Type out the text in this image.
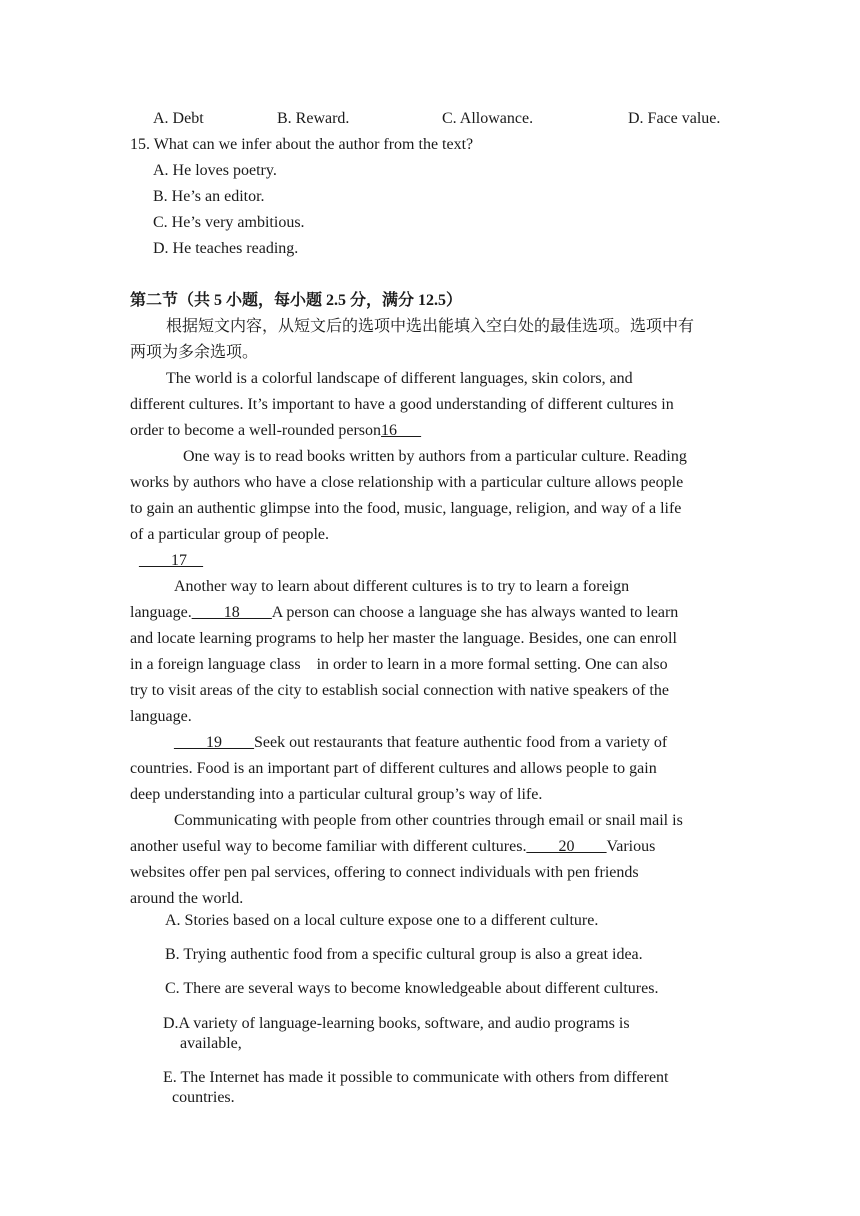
A. Debt	B. Reward.	C. Allowance.	D. Face value.
15. What can we infer about the author from the text?
A. He loves poetry.
B. He’s an editor.
C. He’s very ambitious.
D. He teaches reading.
第二节（共 5 小题，每小题 2.5 分，满分 12.5）
根据短文内容，从短文后的选项中选出能填入空白处的最佳选项。选项中有
两项为多余选项。
The world is a colorful landscape of different languages, skin colors, and
different cultures. It’s important to have a good understanding of different cultures in
order to become a well-rounded person16___
One way is to read books written by authors from a particular culture. Reading
works by authors who have a close relationship with a particular culture allows people
to gain an authentic glimpse into the food, music, language, religion, and way of a life
of a particular group of people.
____17__
Another way to learn about different cultures is to try to learn a foreign
language.____18____A person can choose a language she has always wanted to learn
and locate learning programs to help her master the language. Besides, one can enroll
in a foreign language class    in order to learn in a more formal setting. One can also
try to visit areas of the city to establish social connection with native speakers of the
language.
____19____Seek out restaurants that feature authentic food from a variety of
countries. Food is an important part of different cultures and allows people to gain
deep understanding into a particular cultural group’s way of life.
Communicating with people from other countries through email or snail mail is
another useful way to become familiar with different cultures.____20____Various
websites offer pen pal services, offering to connect individuals with pen friends
around the world.
A. Stories based on a local culture expose one to a different culture.
B. Trying authentic food from a specific cultural group is also a great idea.
C. There are several ways to become knowledgeable about different cultures.
D.A variety of language-learning books, software, and audio programs is
available,
E. The Internet has made it possible to communicate with others from different
countries.
